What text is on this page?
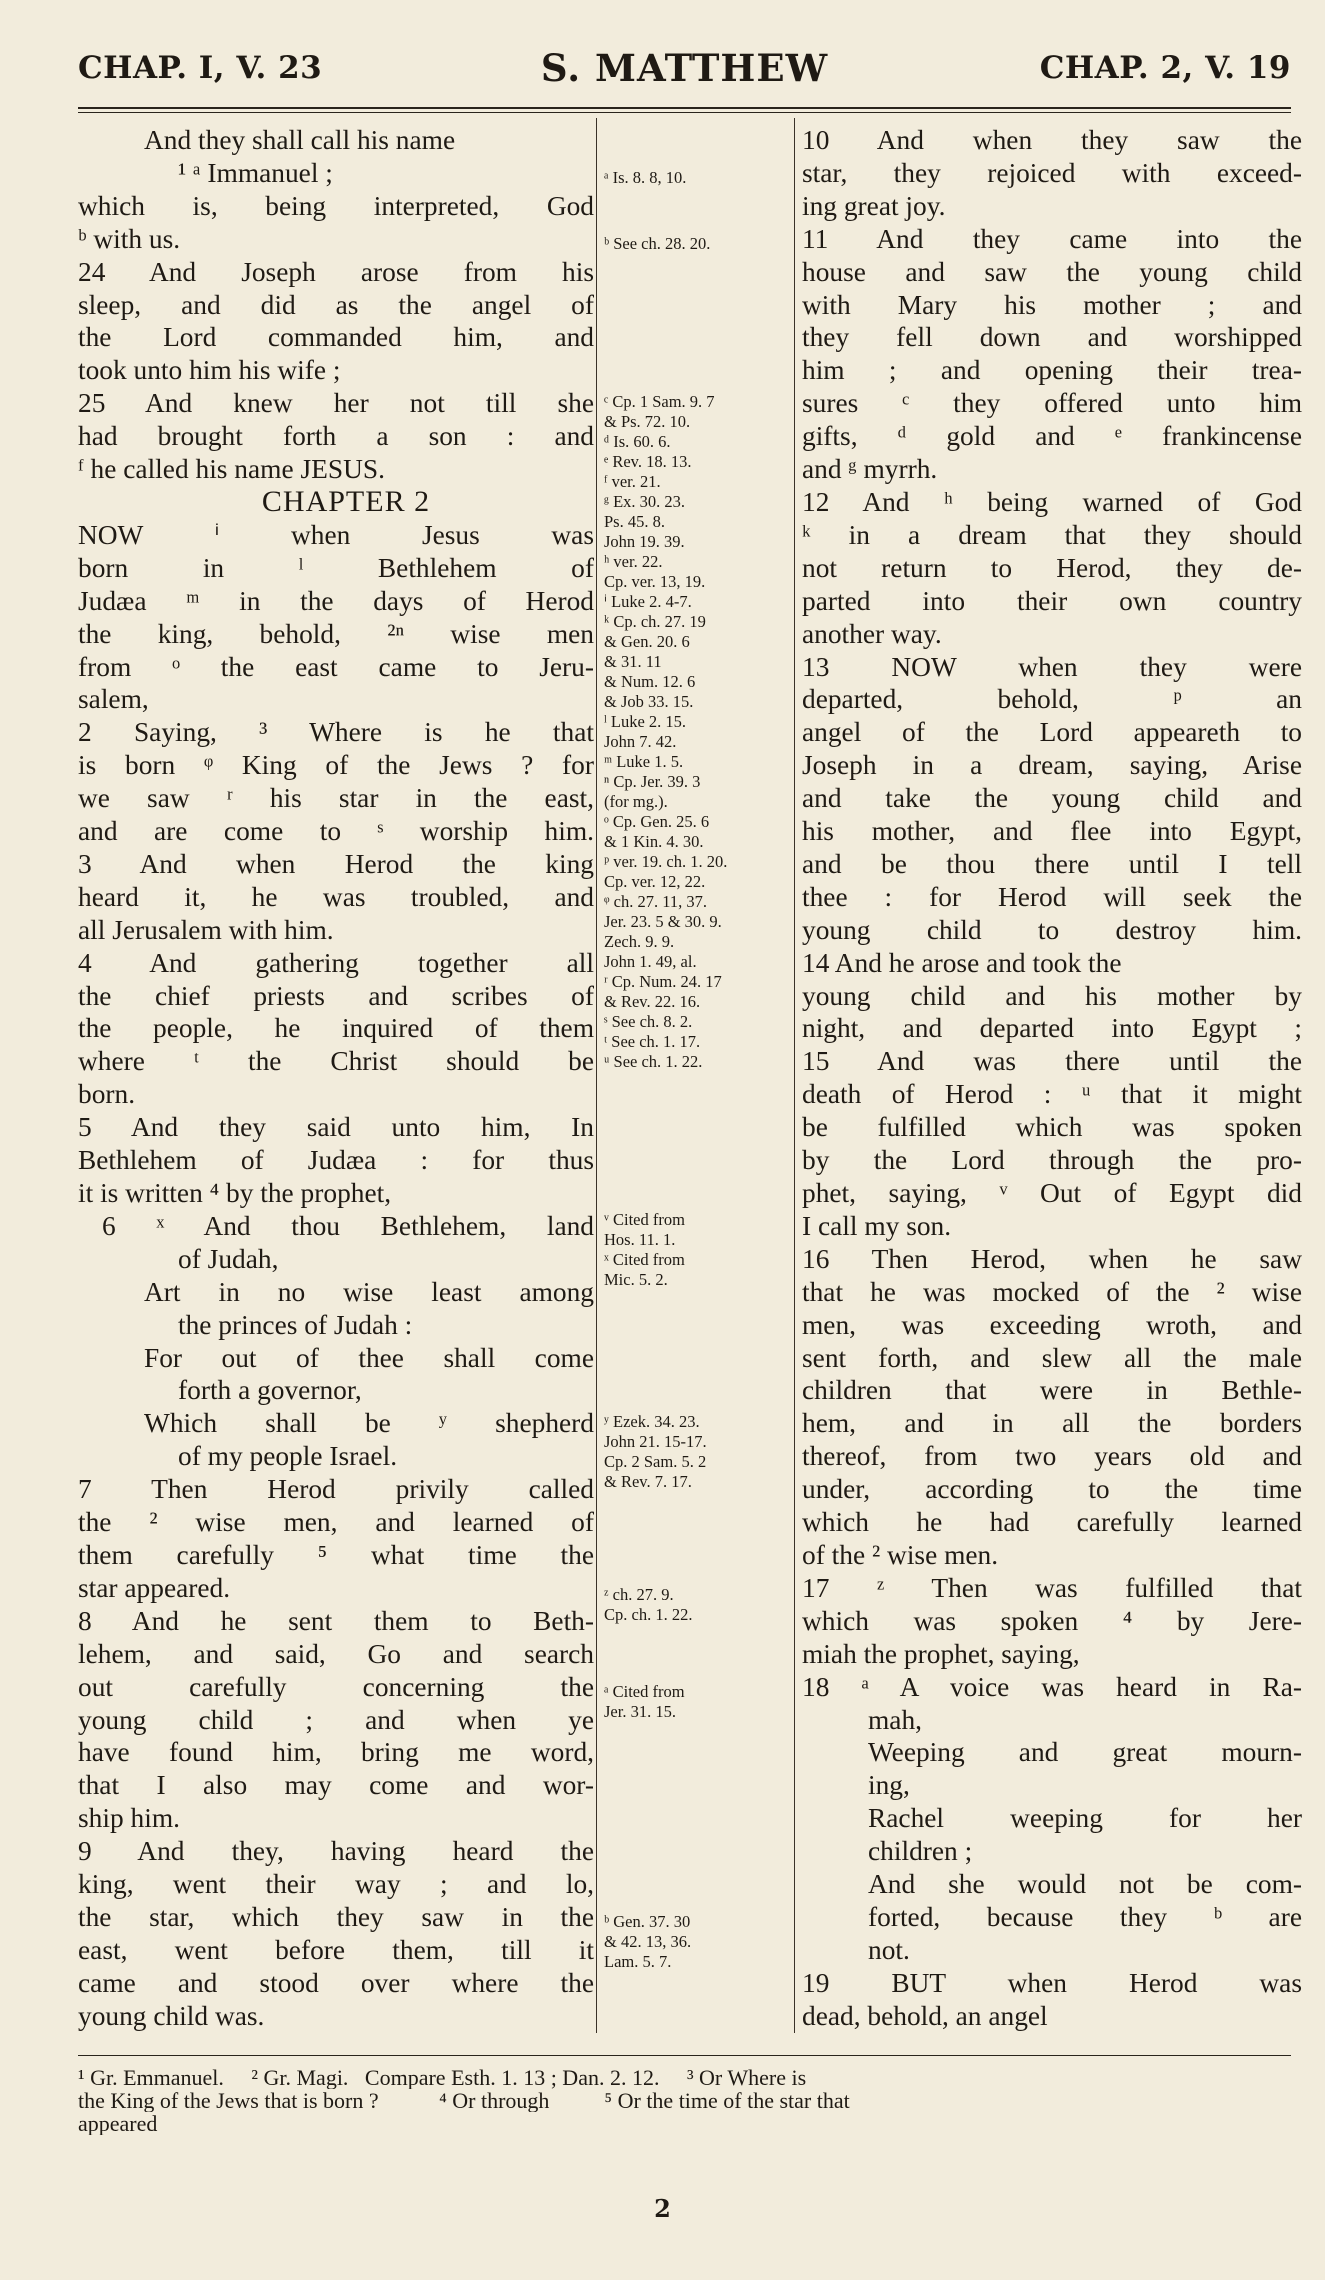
CHAP. I, V. 23	S. MATTHEW	CHAP. 2, V. 19
And they shall call his name
¹ ᵃ Immanuel ;
which is, being interpreted, God
ᵇ with us.
24 And Joseph arose from his
sleep, and did as the angel of
the Lord commanded him, and
took unto him his wife ;
25 And knew her not till she
had brought forth a son : and
ᶠ he called his name JESUS.
CHAPTER 2
NOW ⁱ when Jesus was
born in ˡ Bethlehem of
Judæa ᵐ in the days of Herod
the king, behold, ²ⁿ wise men
from ᵒ the east came to Jeru-
salem,
2 Saying, ³ Where is he that
is born ᵠ King of the Jews ? for
we saw ʳ his star in the east,
and are come to ˢ worship him.
3 And when Herod the king
heard it, he was troubled, and
all Jerusalem with him.
4 And gathering together all
the chief priests and scribes of
the people, he inquired of them
where ᵗ the Christ should be
born.
5 And they said unto him, In
Bethlehem of Judæa : for thus
it is written ⁴ by the prophet,
6 ˣ And thou Bethlehem, land
of Judah,
Art in no wise least among
the princes of Judah :
For out of thee shall come
forth a governor,
Which shall be ʸ shepherd
of my people Israel.
7 Then Herod privily called
the ² wise men, and learned of
them carefully ⁵ what time the
star appeared.
8 And he sent them to Beth-
lehem, and said, Go and search
out carefully concerning the
young child ; and when ye
have found him, bring me word,
that I also may come and wor-
ship him.
9 And they, having heard the
king, went their way ; and lo,
the star, which they saw in the
east, went before them, till it
came and stood over where the
young child was.
10 And when they saw the
star, they rejoiced with exceed-
ing great joy.
11 And they came into the
house and saw the young child
with Mary his mother ; and
they fell down and worshipped
him ; and opening their trea-
sures ᶜ they offered unto him
gifts, ᵈ gold and ᵉ frankincense
and ᵍ myrrh.
12 And ʰ being warned of God
ᵏ in a dream that they should
not return to Herod, they de-
parted into their own country
another way.
13 NOW when they were
departed, behold, ᵖ an
angel of the Lord appeareth to
Joseph in a dream, saying, Arise
and take the young child and
his mother, and flee into Egypt,
and be thou there until I tell
thee : for Herod will seek the
young child to destroy him.
14 And he arose and took the
young child and his mother by
night, and departed into Egypt ;
15 And was there until the
death of Herod : ᵘ that it might
be fulfilled which was spoken
by the Lord through the pro-
phet, saying, ᵛ Out of Egypt did
I call my son.
16 Then Herod, when he saw
that he was mocked of the ² wise
men, was exceeding wroth, and
sent forth, and slew all the male
children that were in Bethle-
hem, and in all the borders
thereof, from two years old and
under, according to the time
which he had carefully learned
of the ² wise men.
17 ᶻ Then was fulfilled that
which was spoken ⁴ by Jere-
miah the prophet, saying,
18 ᵃ A voice was heard in Ra-
mah,
Weeping and great mourn-
ing,
Rachel weeping for her
children ;
And she would not be com-
forted, because they ᵇ are
not.
19 BUT when Herod was
dead, behold, an angel
ᵃ Is. 8. 8, 10.
ᵇ See ch. 28. 20.
ᶜ Cp. 1 Sam. 9. 7
& Ps. 72. 10.
ᵈ Is. 60. 6.
ᵉ Rev. 18. 13.
ᶠ ver. 21.
ᵍ Ex. 30. 23.
Ps. 45. 8.
John 19. 39.
ʰ ver. 22.
Cp. ver. 13, 19.
ⁱ Luke 2. 4-7.
ᵏ Cp. ch. 27. 19
& Gen. 20. 6
& 31. 11
& Num. 12. 6
& Job 33. 15.
ˡ Luke 2. 15.
John 7. 42.
ᵐ Luke 1. 5.
ⁿ Cp. Jer. 39. 3
(for mg.).
ᵒ Cp. Gen. 25. 6
& 1 Kin. 4. 30.
ᵖ ver. 19. ch. 1. 20.
Cp. ver. 12, 22.
ᵠ ch. 27. 11, 37.
Jer. 23. 5 & 30. 9.
Zech. 9. 9.
John 1. 49, al.
ʳ Cp. Num. 24. 17
& Rev. 22. 16.
ˢ See ch. 8. 2.
ᵗ See ch. 1. 17.
ᵘ See ch. 1. 22.
ᵛ Cited from
Hos. 11. 1.
ˣ Cited from
Mic. 5. 2.
ʸ Ezek. 34. 23.
John 21. 15-17.
Cp. 2 Sam. 5. 2
& Rev. 7. 17.
ᶻ ch. 27. 9.
Cp. ch. 1. 22.
ᵃ Cited from
Jer. 31. 15.
ᵇ Gen. 37. 30
& 42. 13, 36.
Lam. 5. 7.
¹ Gr. Emmanuel.     ² Gr. Magi.   Compare Esth. 1. 13 ; Dan. 2. 12.     ³ Or Where is
the King of the Jews that is born ?           ⁴ Or through          ⁵ Or the time of the star that
appeared
2
